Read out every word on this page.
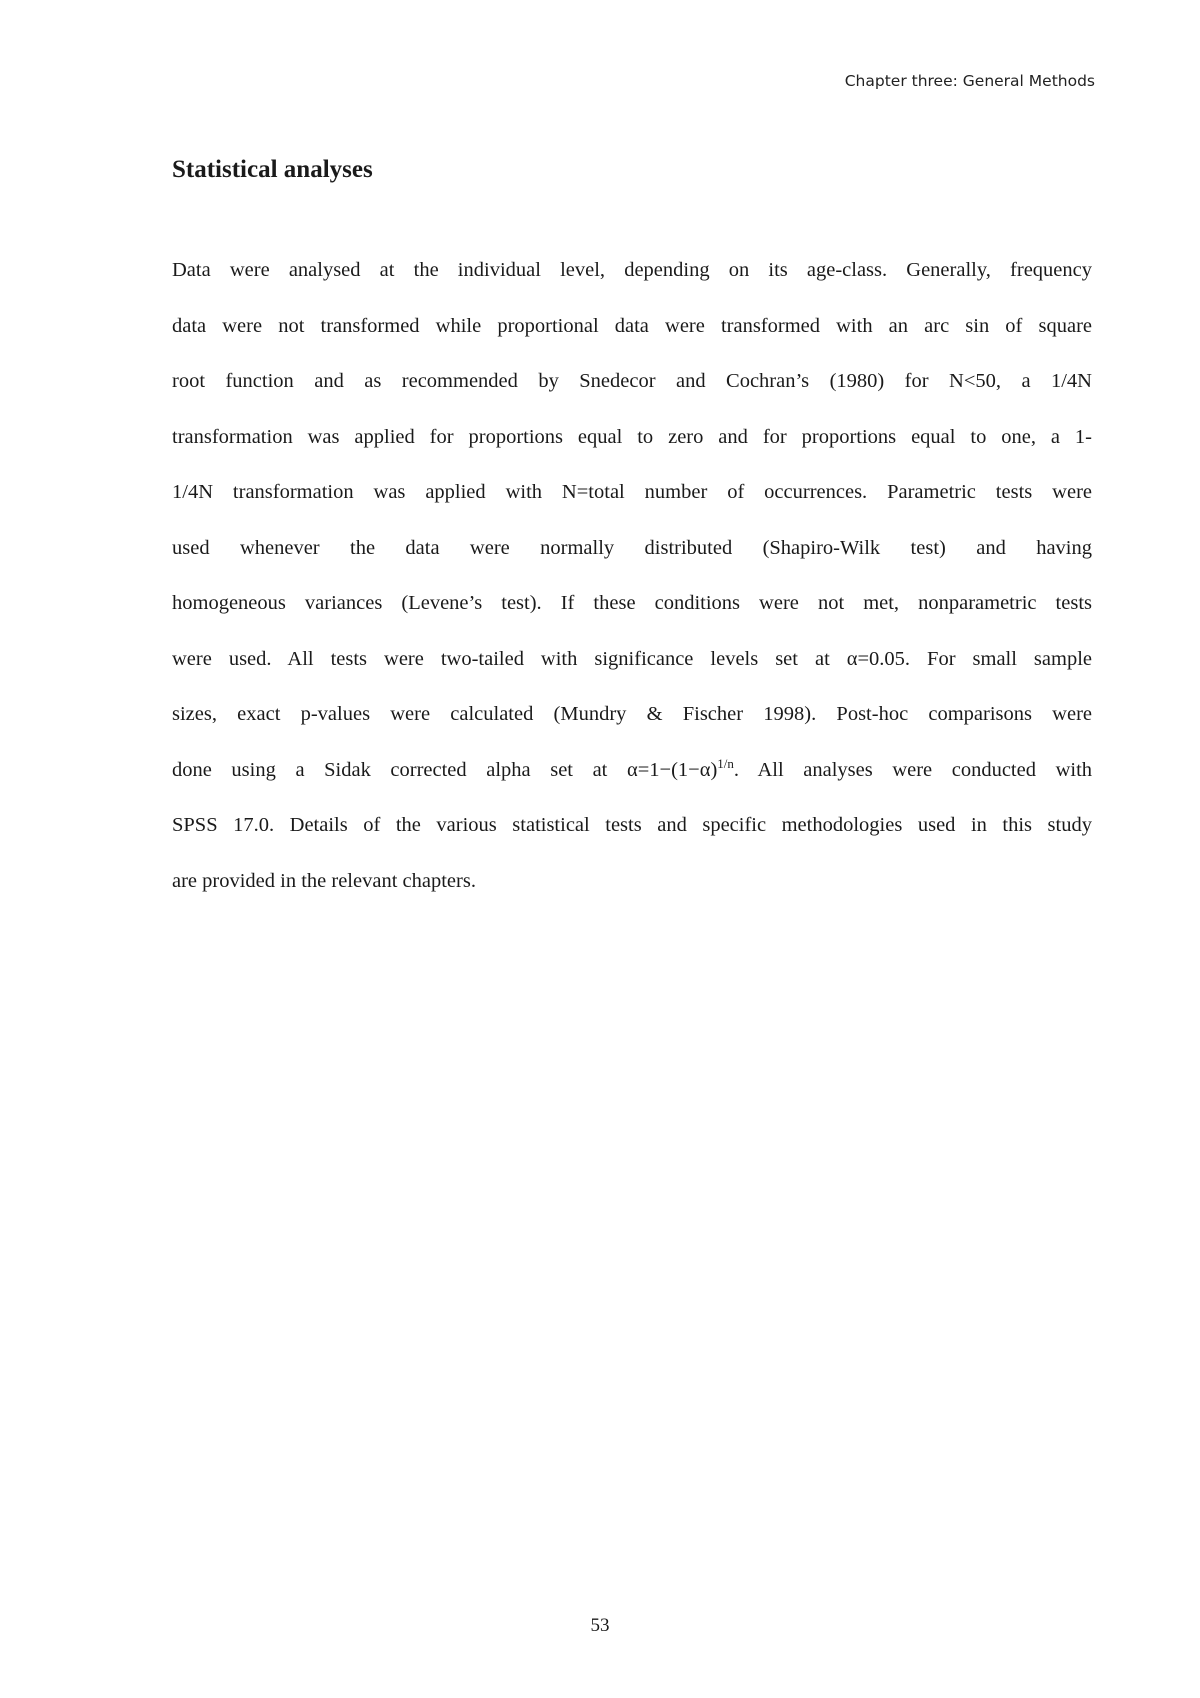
Chapter three: General Methods
Statistical analyses
Data were analysed at the individual level, depending on its age-class. Generally, frequency
data were not transformed while proportional data were transformed with an arc sin of square
root function and as recommended by Snedecor and Cochran’s (1980) for N<50, a 1/4N
transformation was applied for proportions equal to zero and for proportions equal to one, a 1-
1/4N transformation was applied with N=total number of occurrences. Parametric tests were
used whenever the data were normally distributed (Shapiro-Wilk test) and having
homogeneous variances (Levene’s test). If these conditions were not met, nonparametric tests
were used. All tests were two-tailed with significance levels set at α=0.05. For small sample
sizes, exact p-values were calculated (Mundry & Fischer 1998). Post-hoc comparisons were
done using a Sidak corrected alpha set at $\alpha=1-(1-\alpha)^{1/n}$. All analyses were conducted with
SPSS 17.0. Details of the various statistical tests and specific methodologies used in this study
are provided in the relevant chapters.
53
